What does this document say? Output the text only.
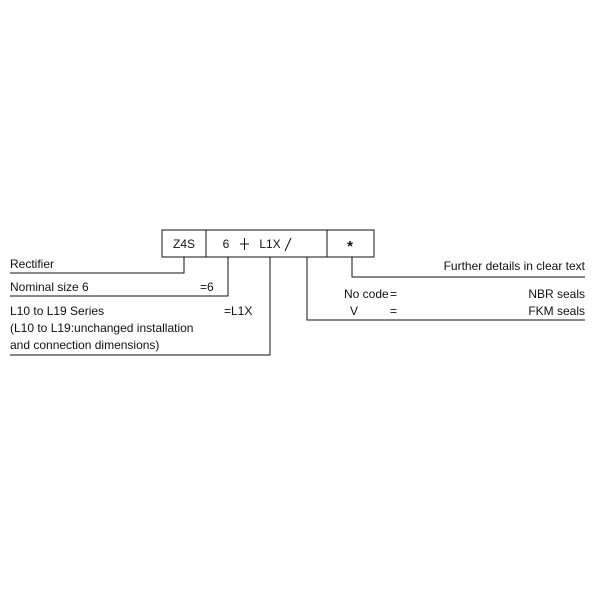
Z4S 6 L1X	*
Rectifier
Nominal size 6	=6
L10 to L19 Series	=L1X
(L10 to L19:unchanged installation
and connection dimensions)
Further details in clear text
No code =	NBR seals
V	=	FKM seals
